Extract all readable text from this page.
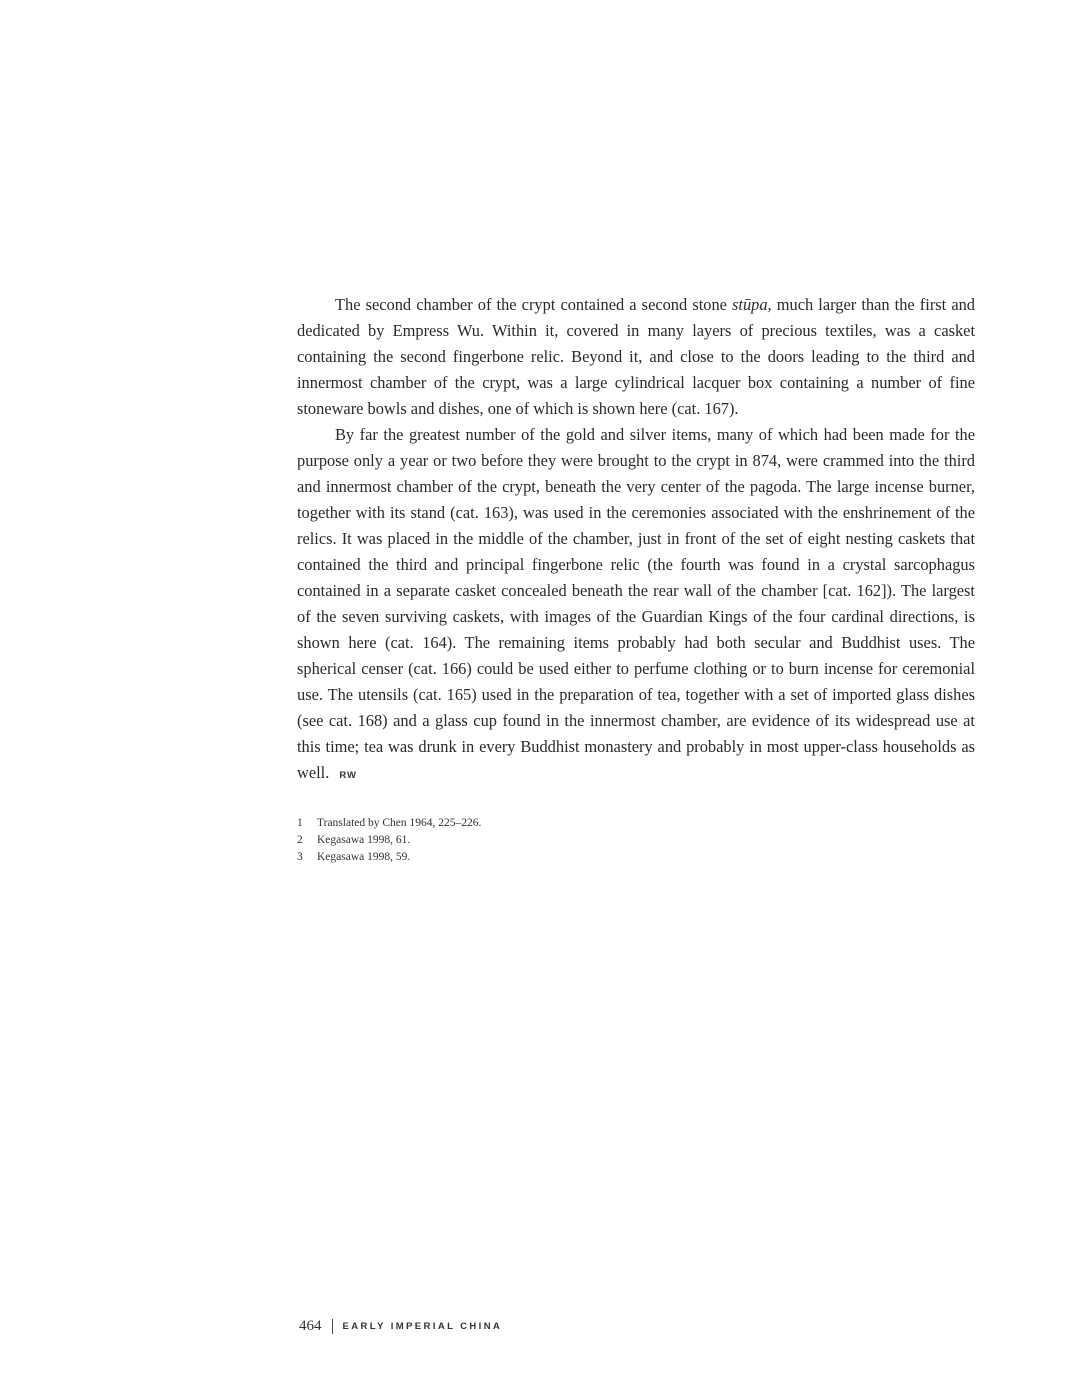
The second chamber of the crypt contained a second stone stūpa, much larger than the first and dedicated by Empress Wu. Within it, covered in many layers of precious textiles, was a casket containing the second fingerbone relic. Beyond it, and close to the doors leading to the third and innermost chamber of the crypt, was a large cylindrical lacquer box containing a number of fine stoneware bowls and dishes, one of which is shown here (cat. 167).

By far the greatest number of the gold and silver items, many of which had been made for the purpose only a year or two before they were brought to the crypt in 874, were crammed into the third and innermost chamber of the crypt, beneath the very center of the pagoda. The large incense burner, together with its stand (cat. 163), was used in the ceremonies associated with the enshrinement of the relics. It was placed in the middle of the chamber, just in front of the set of eight nesting caskets that contained the third and principal fingerbone relic (the fourth was found in a crystal sarcophagus contained in a separate casket concealed beneath the rear wall of the chamber [cat. 162]). The largest of the seven surviving caskets, with images of the Guardian Kings of the four cardinal directions, is shown here (cat. 164). The remaining items probably had both secular and Buddhist uses. The spherical censer (cat. 166) could be used either to perfume clothing or to burn incense for ceremonial use. The utensils (cat. 165) used in the preparation of tea, together with a set of imported glass dishes (see cat. 168) and a glass cup found in the innermost chamber, are evidence of its widespread use at this time; tea was drunk in every Buddhist monastery and probably in most upper-class households as well. RW

1	Translated by Chen 1964, 225–226.
2	Kegasawa 1998, 61.
3	Kegasawa 1998, 59.
464 EARLY IMPERIAL CHINA
